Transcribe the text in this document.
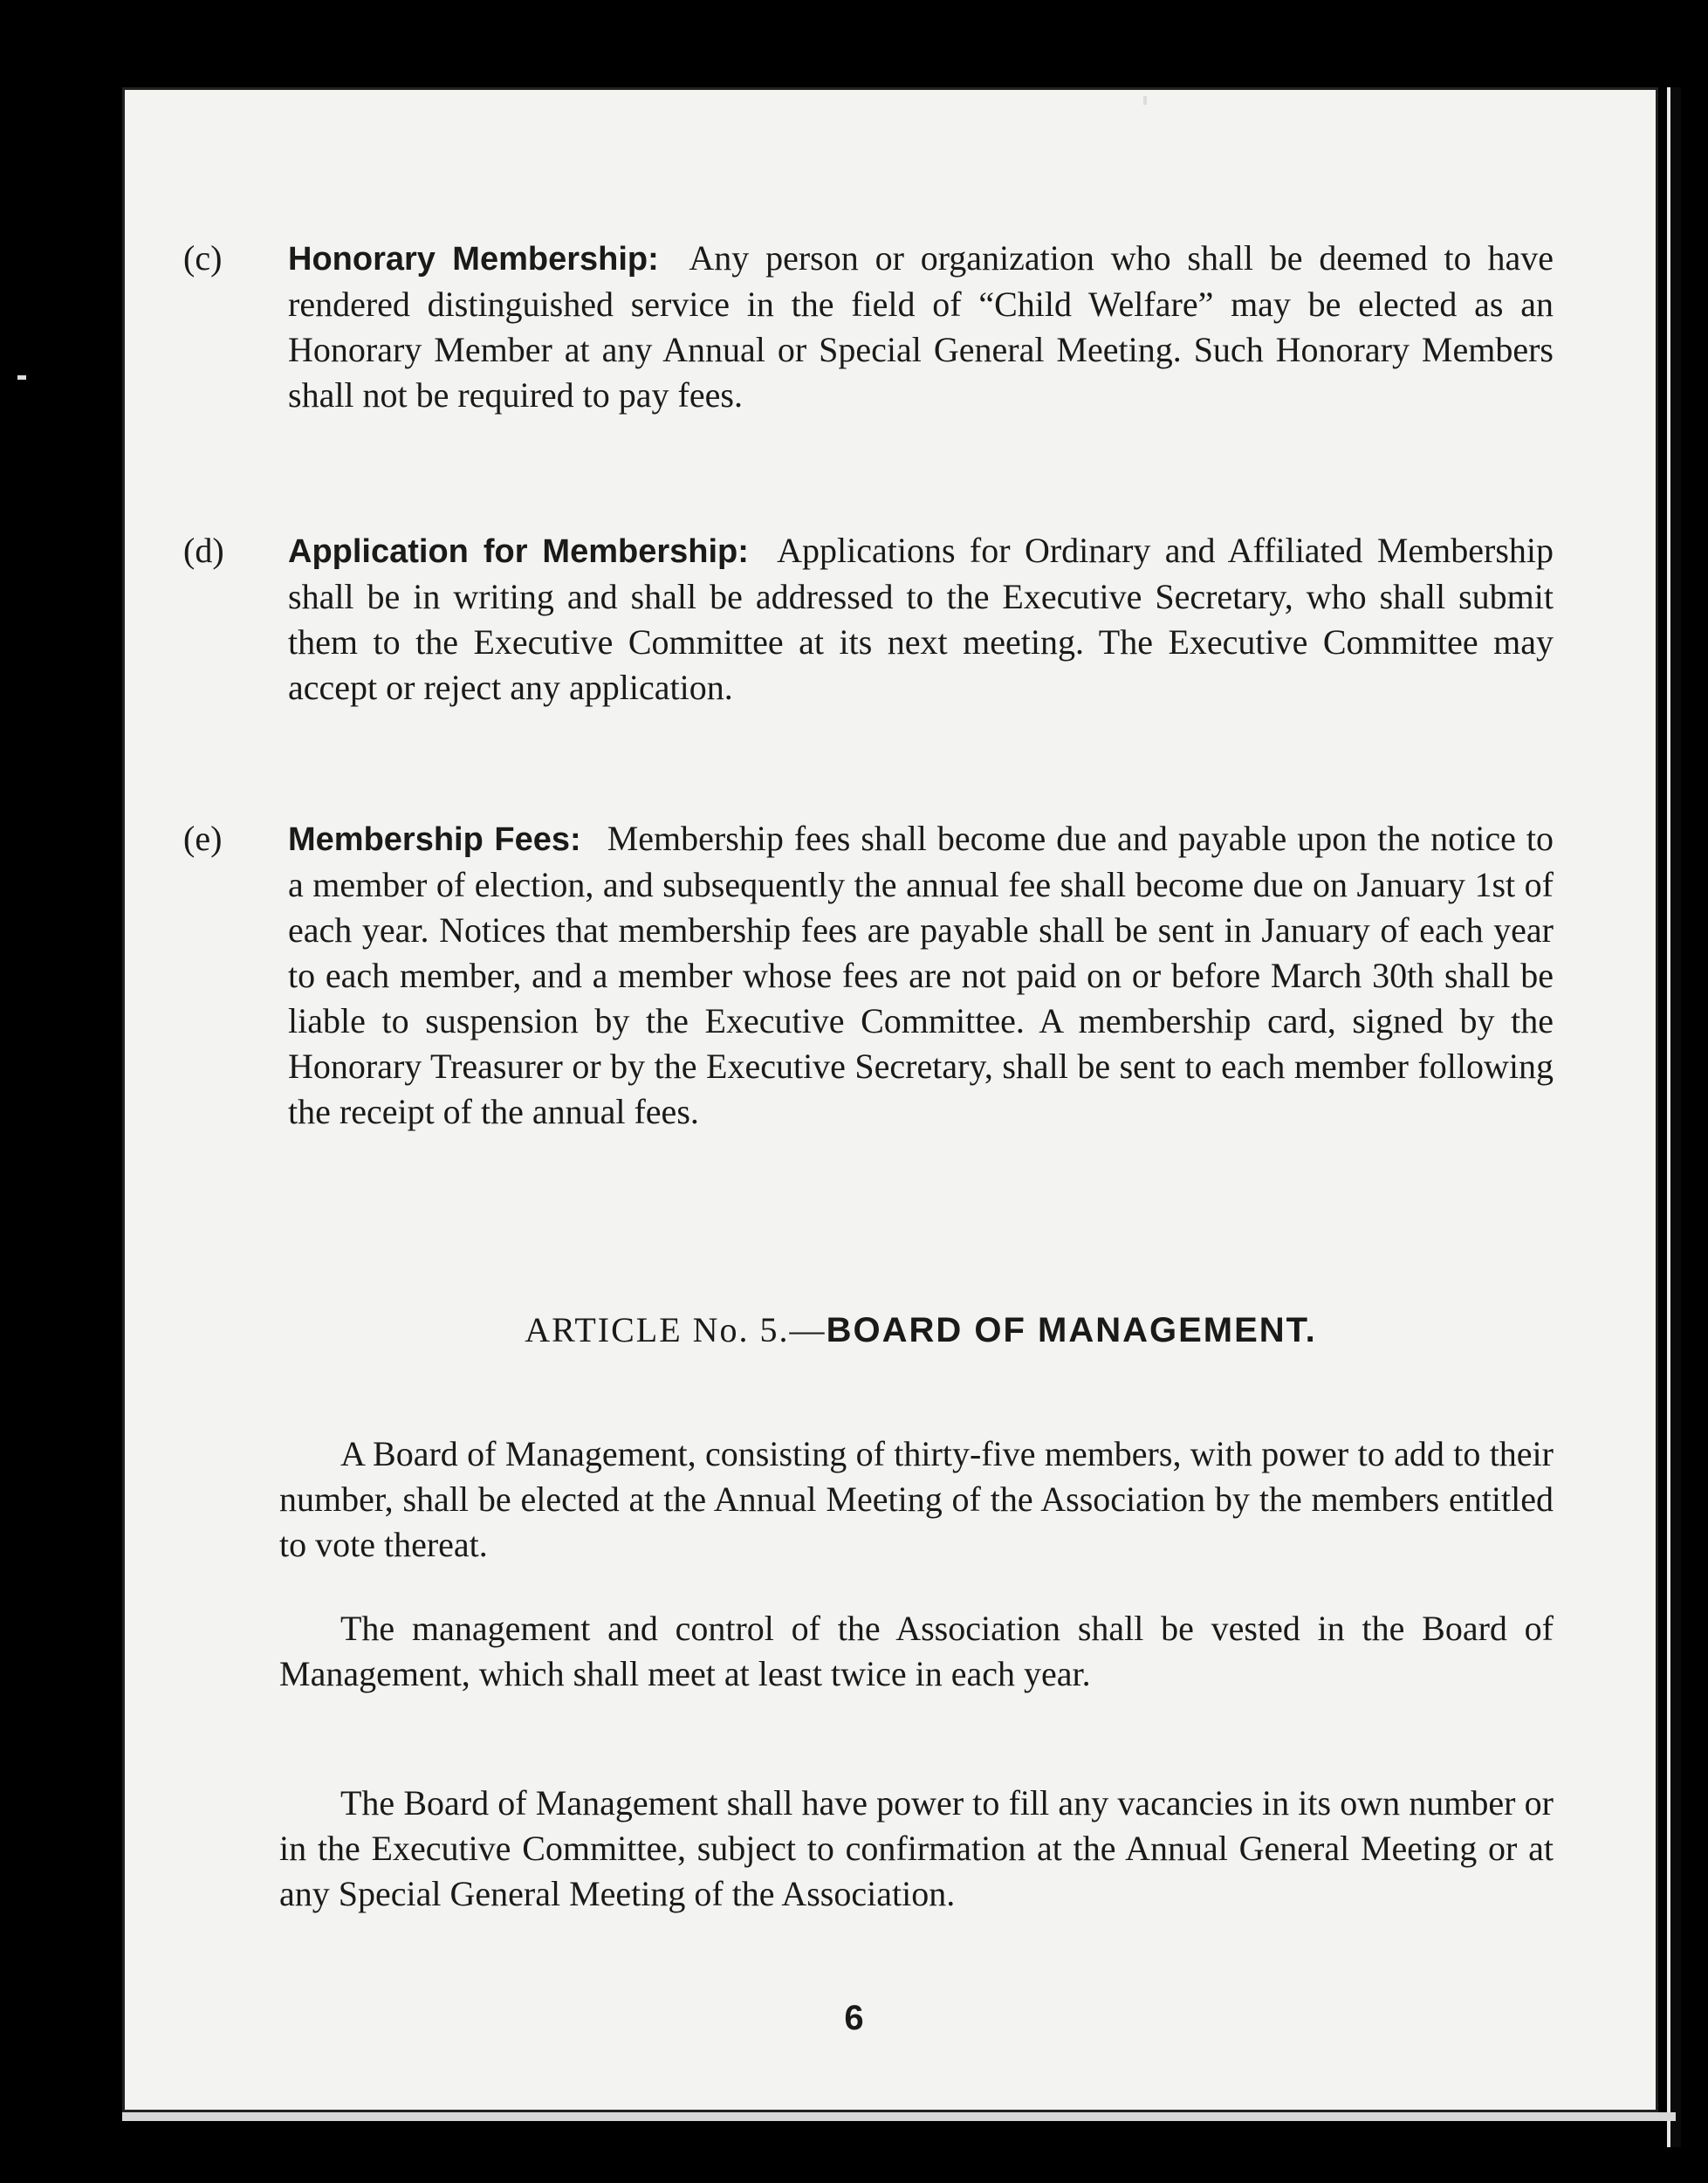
(c) Honorary Membership: Any person or organization who shall be deemed to have rendered distinguished service in the field of “Child Welfare” may be elected as an Honorary Member at any Annual or Special General Meeting. Such Honorary Members shall not be required to pay fees.
(d) Application for Membership: Applications for Ordinary and Affiliated Membership shall be in writing and shall be addressed to the Executive Secretary, who shall submit them to the Executive Committee at its next meeting. The Executive Committee may accept or reject any application.
(e) Membership Fees: Membership fees shall become due and payable upon the notice to a member of election, and subsequently the annual fee shall become due on January 1st of each year. Notices that membership fees are payable shall be sent in January of each year to each member, and a member whose fees are not paid on or before March 30th shall be liable to suspension by the Executive Committee. A membership card, signed by the Honorary Treasurer or by the Executive Secretary, shall be sent to each member following the receipt of the annual fees.
ARTICLE No. 5.—BOARD OF MANAGEMENT.
A Board of Management, consisting of thirty-five members, with power to add to their number, shall be elected at the Annual Meeting of the Association by the members entitled to vote thereat.
The management and control of the Association shall be vested in the Board of Management, which shall meet at least twice in each year.
The Board of Management shall have power to fill any vacancies in its own number or in the Executive Committee, subject to confirmation at the Annual General Meeting or at any Special General Meeting of the Association.
6
